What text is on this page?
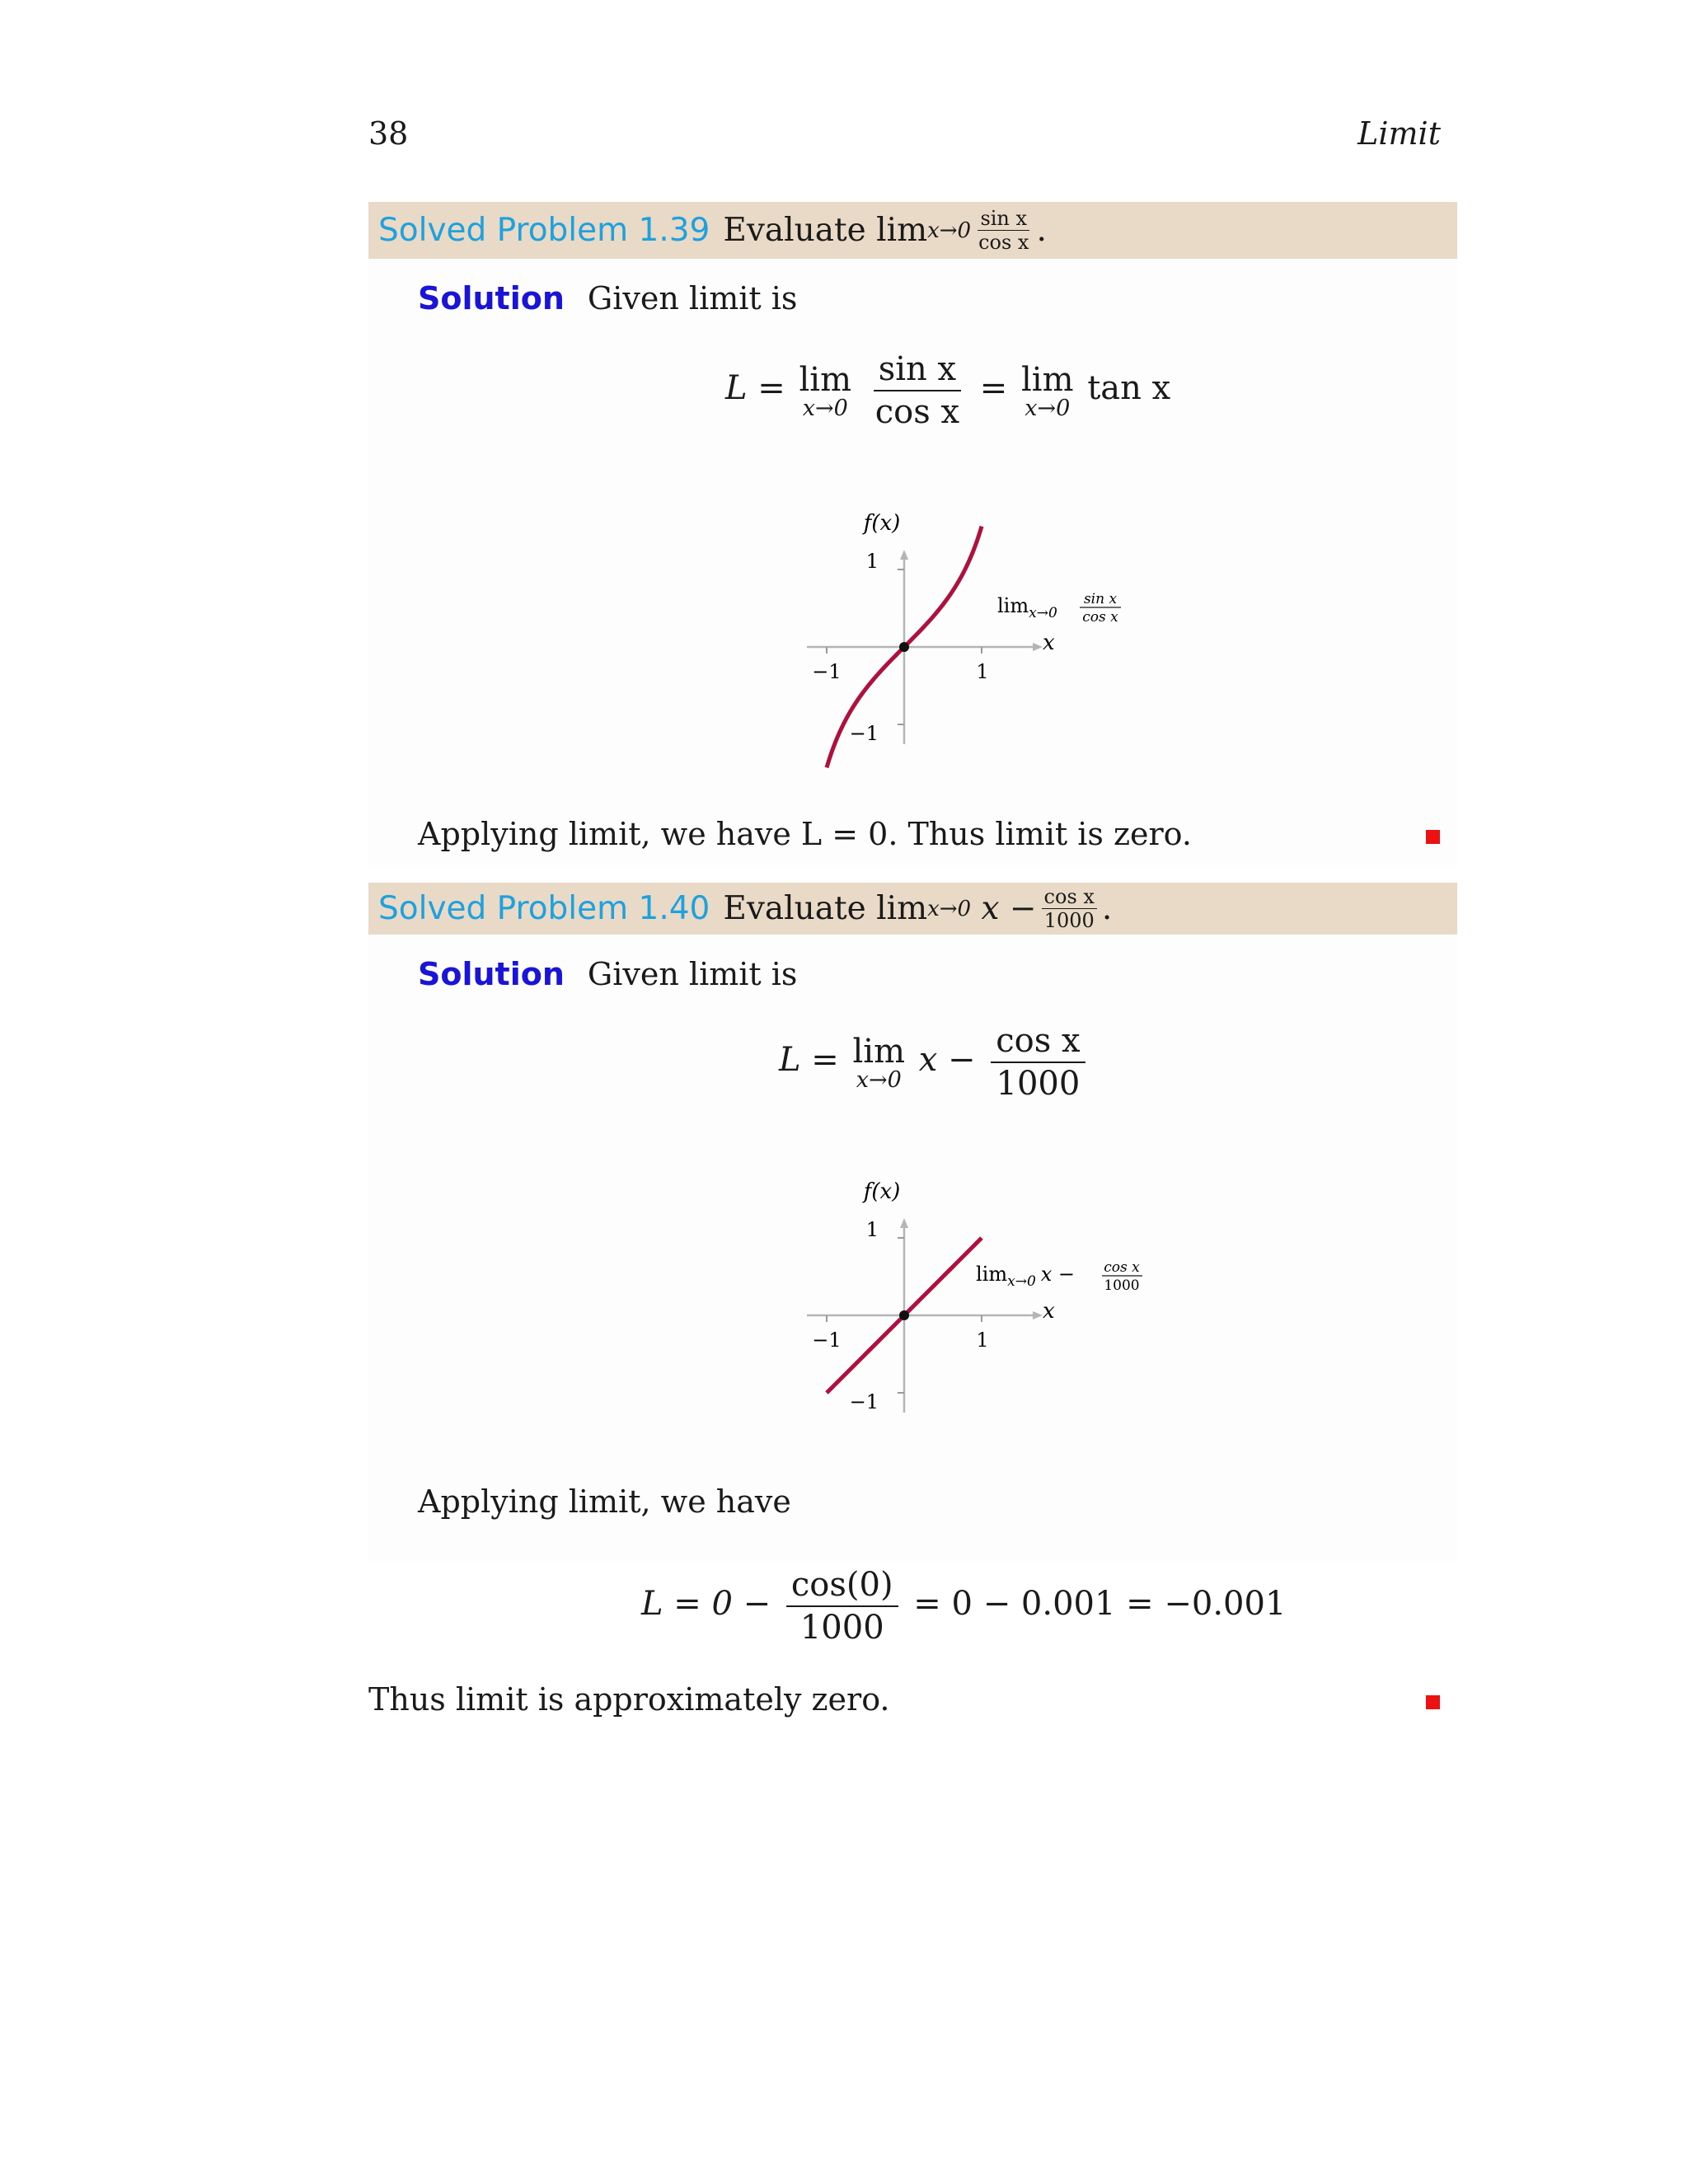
38	Limit
Solved Problem 1.39 Evaluate
$\lim x\to 0 \frac{\text{sin x}}{\text{cos x}}$ .
Solution Given limit is
L = lim
x→0
$\frac{\text{sin x}}{\text{cos x}} = \lim$
x→0
tan x
f(x)
x
−1
1
−1	1
$\lim_{x\to 0}$
sin x
cos x
Applying limit, we have L = 0. Thus limit is zero.
Solved Problem 1.40 Evaluate
lim x→0
$x - \frac{\text{cos x}}{1000}$ .
Solution Given limit is
L = lim
x→0
$x - \frac{\text{cos x}}{1000}$
f(x)
x
−1
1
−1	1
$\lim_{x\to 0} x - \cos x$
1000
Applying limit, we have
$L = 0 - \frac{\cos(0)}{1000} = 0 - 0.001 = -0.001$
Thus limit is approximately zero.
